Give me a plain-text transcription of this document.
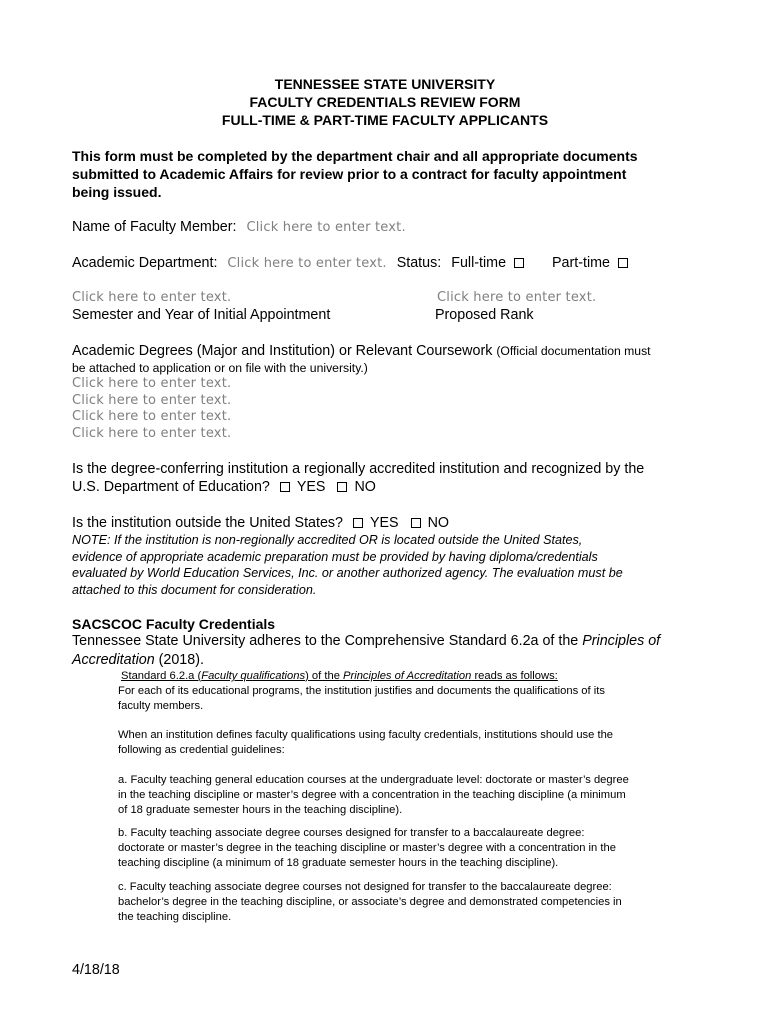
TENNESSEE STATE UNIVERSITY
FACULTY CREDENTIALS REVIEW FORM
FULL-TIME & PART-TIME FACULTY APPLICANTS
This form must be completed by the department chair and all appropriate documents
submitted to Academic Affairs for review prior to a contract for faculty appointment
being issued.
Name of Faculty Member: Click here to enter text.
Academic Department: Click here to enter text. Status: Full-time	Part-time
Click here to enter text.
Semester and Year of Initial Appointment
Click here to enter text.
Proposed Rank
Academic Degrees (Major and Institution) or Relevant Coursework (Official documentation must
be attached to application or on file with the university.)
Click here to enter text.
Click here to enter text.
Click here to enter text.
Click here to enter text.
Is the degree-conferring institution a regionally accredited institution and recognized by the
U.S. Department of Education? YES NO
Is the institution outside the United States? YES NO
NOTE: If the institution is non-regionally accredited OR is located outside the United States,
evidence of appropriate academic preparation must be provided by having diploma/credentials
evaluated by World Education Services, Inc. or another authorized agency. The evaluation must be
attached to this document for consideration.
SACSCOC Faculty Credentials
Tennessee State University adheres to the Comprehensive Standard 6.2a of the Principles of
Accreditation (2018).
Standard 6.2.a (Faculty qualifications) of the Principles of Accreditation reads as follows:
For each of its educational programs, the institution justifies and documents the qualifications of its
faculty members.
When an institution defines faculty qualifications using faculty credentials, institutions should use the
following as credential guidelines:
a. Faculty teaching general education courses at the undergraduate level: doctorate or master’s degree
in the teaching discipline or master’s degree with a concentration in the teaching discipline (a minimum
of 18 graduate semester hours in the teaching discipline).
b. Faculty teaching associate degree courses designed for transfer to a baccalaureate degree:
doctorate or master’s degree in the teaching discipline or master’s degree with a concentration in the
teaching discipline (a minimum of 18 graduate semester hours in the teaching discipline).
c. Faculty teaching associate degree courses not designed for transfer to the baccalaureate degree:
bachelor’s degree in the teaching discipline, or associate’s degree and demonstrated competencies in
the teaching discipline.
4/18/18
